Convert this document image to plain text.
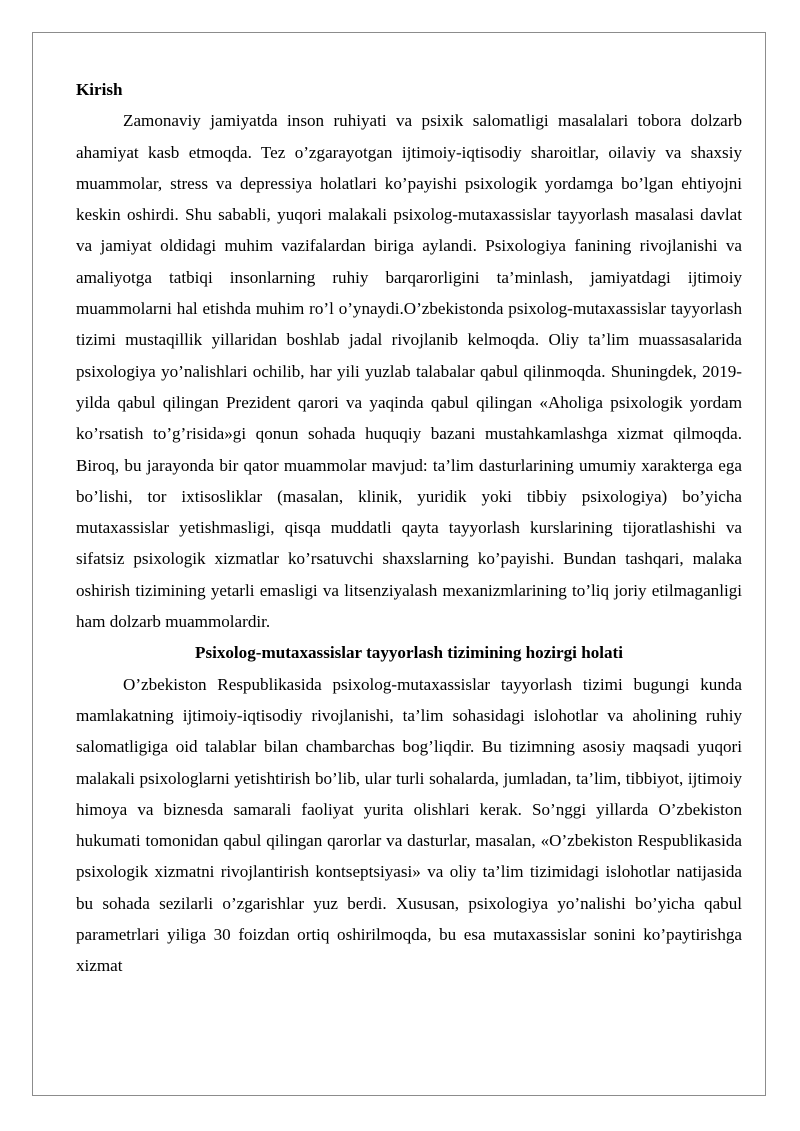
Kirish

Zamonaviy jamiyatda inson ruhiyati va psixik salomatligi masalalari tobora dolzarb ahamiyat kasb etmoqda. Tez o’zgarayotgan ijtimoiy-iqtisodiy sharoitlar, oilaviy va shaxsiy muammolar, stress va depressiya holatlari ko’payishi psixologik yordamga bo’lgan ehtiyojni keskin oshirdi. Shu sababli, yuqori malakali psixolog-mutaxassislar tayyorlash masalasi davlat va jamiyat oldidagi muhim vazifalardan biriga aylandi. Psixologiya fanining rivojlanishi va amaliyotga tatbiqi insonlarning ruhiy barqarorligini ta’minlash, jamiyatdagi ijtimoiy muammolarni hal etishda muhim ro’l o’ynaydi.O’zbekistonda psixolog-mutaxassislar tayyorlash tizimi mustaqillik yillaridan boshlab jadal rivojlanib kelmoqda. Oliy ta’lim muassasalarida psixologiya yo’nalishlari ochilib, har yili yuzlab talabalar qabul qilinmoqda. Shuningdek, 2019-yilda qabul qilingan Prezident qarori va yaqinda qabul qilingan «Aholiga psixologik yordam ko’rsatish to’g’risida»gi qonun sohada huquqiy bazani mustahkamlashga xizmat qilmoqda. Biroq, bu jarayonda bir qator muammolar mavjud: ta’lim dasturlarining umumiy xarakterga ega bo’lishi, tor ixtisosliklar (masalan, klinik, yuridik yoki tibbiy psixologiya) bo’yicha mutaxassislar yetishmasligi, qisqa muddatli qayta tayyorlash kurslarining tijoratlashishi va sifatsiz psixologik xizmatlar ko’rsatuvchi shaxslarning ko’payishi. Bundan tashqari, malaka oshirish tizimining yetarli emasligi va litsenziyalash mexanizmlarining to’liq joriy etilmaganligi ham dolzarb muammolardir.

Psixolog-mutaxassislar tayyorlash tizimining hozirgi holati

O’zbekiston Respublikasida psixolog-mutaxassislar tayyorlash tizimi bugungi kunda mamlakatning ijtimoiy-iqtisodiy rivojlanishi, ta’lim sohasidagi islohotlar va aholining ruhiy salomatligiga oid talablar bilan chambarchas bog’liqdir. Bu tizimning asosiy maqsadi yuqori malakali psixologlarni yetishtirish bo’lib, ular turli sohalarda, jumladan, ta’lim, tibbiyot, ijtimoiy himoya va biznesda samarali faoliyat yurita olishlari kerak. So’nggi yillarda O’zbekiston hukumati tomonidan qabul qilingan qarorlar va dasturlar, masalan, «O’zbekiston Respublikasida psixologik xizmatni rivojlantirish kontseptsiyasi» va oliy ta’lim tizimidagi islohotlar natijasida bu sohada sezilarli o’zgarishlar yuz berdi. Xususan, psixologiya yo’nalishi bo’yicha qabul parametrlari yiliga 30 foizdan ortiq oshirilmoqda, bu esa mutaxassislar sonini ko’paytirishga xizmat
